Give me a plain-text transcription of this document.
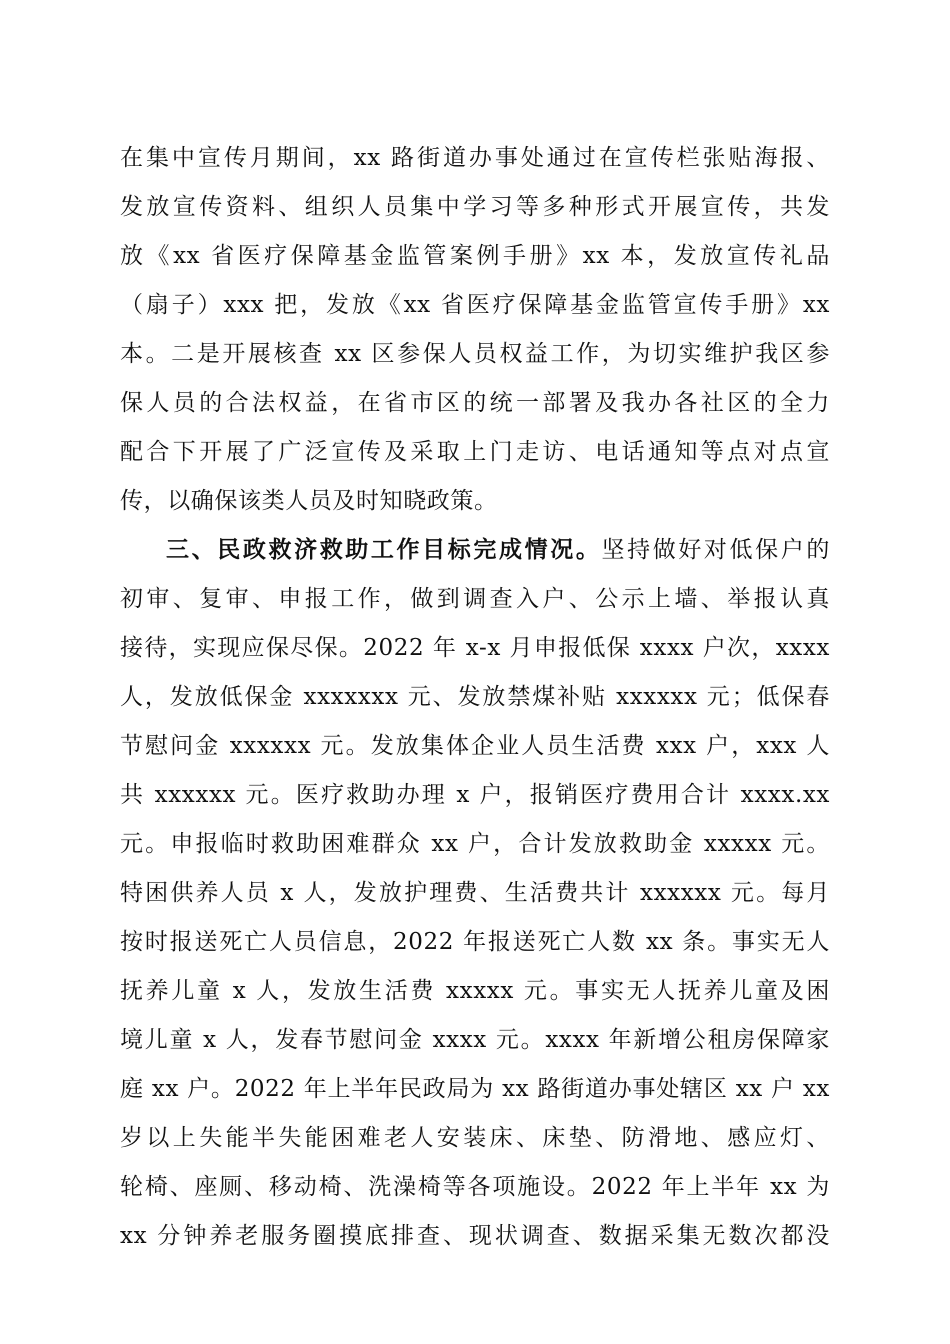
在集中宣传月期间，xx 路街道办事处通过在宣传栏张贴海报、
发放宣传资料、组织人员集中学习等多种形式开展宣传，共发
放《xx 省医疗保障基金监管案例手册》xx 本，发放宣传礼品
（扇子）xxx 把，发放《xx 省医疗保障基金监管宣传手册》xx
本。二是开展核查 xx 区参保人员权益工作，为切实维护我区参
保人员的合法权益，在省市区的统一部署及我办各社区的全力
配合下开展了广泛宣传及采取上门走访、电话通知等点对点宣
传，以确保该类人员及时知晓政策。
三、民政救济救助工作目标完成情况。坚持做好对低保户的
初审、复审、申报工作，做到调查入户、公示上墙、举报认真
接待，实现应保尽保。2022 年 x-x 月申报低保 xxxx 户次，xxxx
人，发放低保金 xxxxxxx 元、发放禁煤补贴 xxxxxx 元；低保春
节慰问金 xxxxxx 元。发放集体企业人员生活费 xxx 户，xxx 人
共 xxxxxx 元。医疗救助办理 x 户，报销医疗费用合计 xxxx.xx
元。申报临时救助困难群众 xx 户，合计发放救助金 xxxxx 元。
特困供养人员 x 人，发放护理费、生活费共计 xxxxxx 元。每月
按时报送死亡人员信息，2022 年报送死亡人数 xx 条。事实无人
抚养儿童 x 人，发放生活费 xxxxx 元。事实无人抚养儿童及困
境儿童 x 人，发春节慰问金 xxxx 元。xxxx 年新增公租房保障家
庭 xx 户。2022 年上半年民政局为 xx 路街道办事处辖区 xx 户 xx
岁以上失能半失能困难老人安装床、床垫、防滑地、感应灯、
轮椅、座厕、移动椅、洗澡椅等各项施设。2022 年上半年 xx 为
xx 分钟养老服务圈摸底排查、现状调查、数据采集无数次都没
